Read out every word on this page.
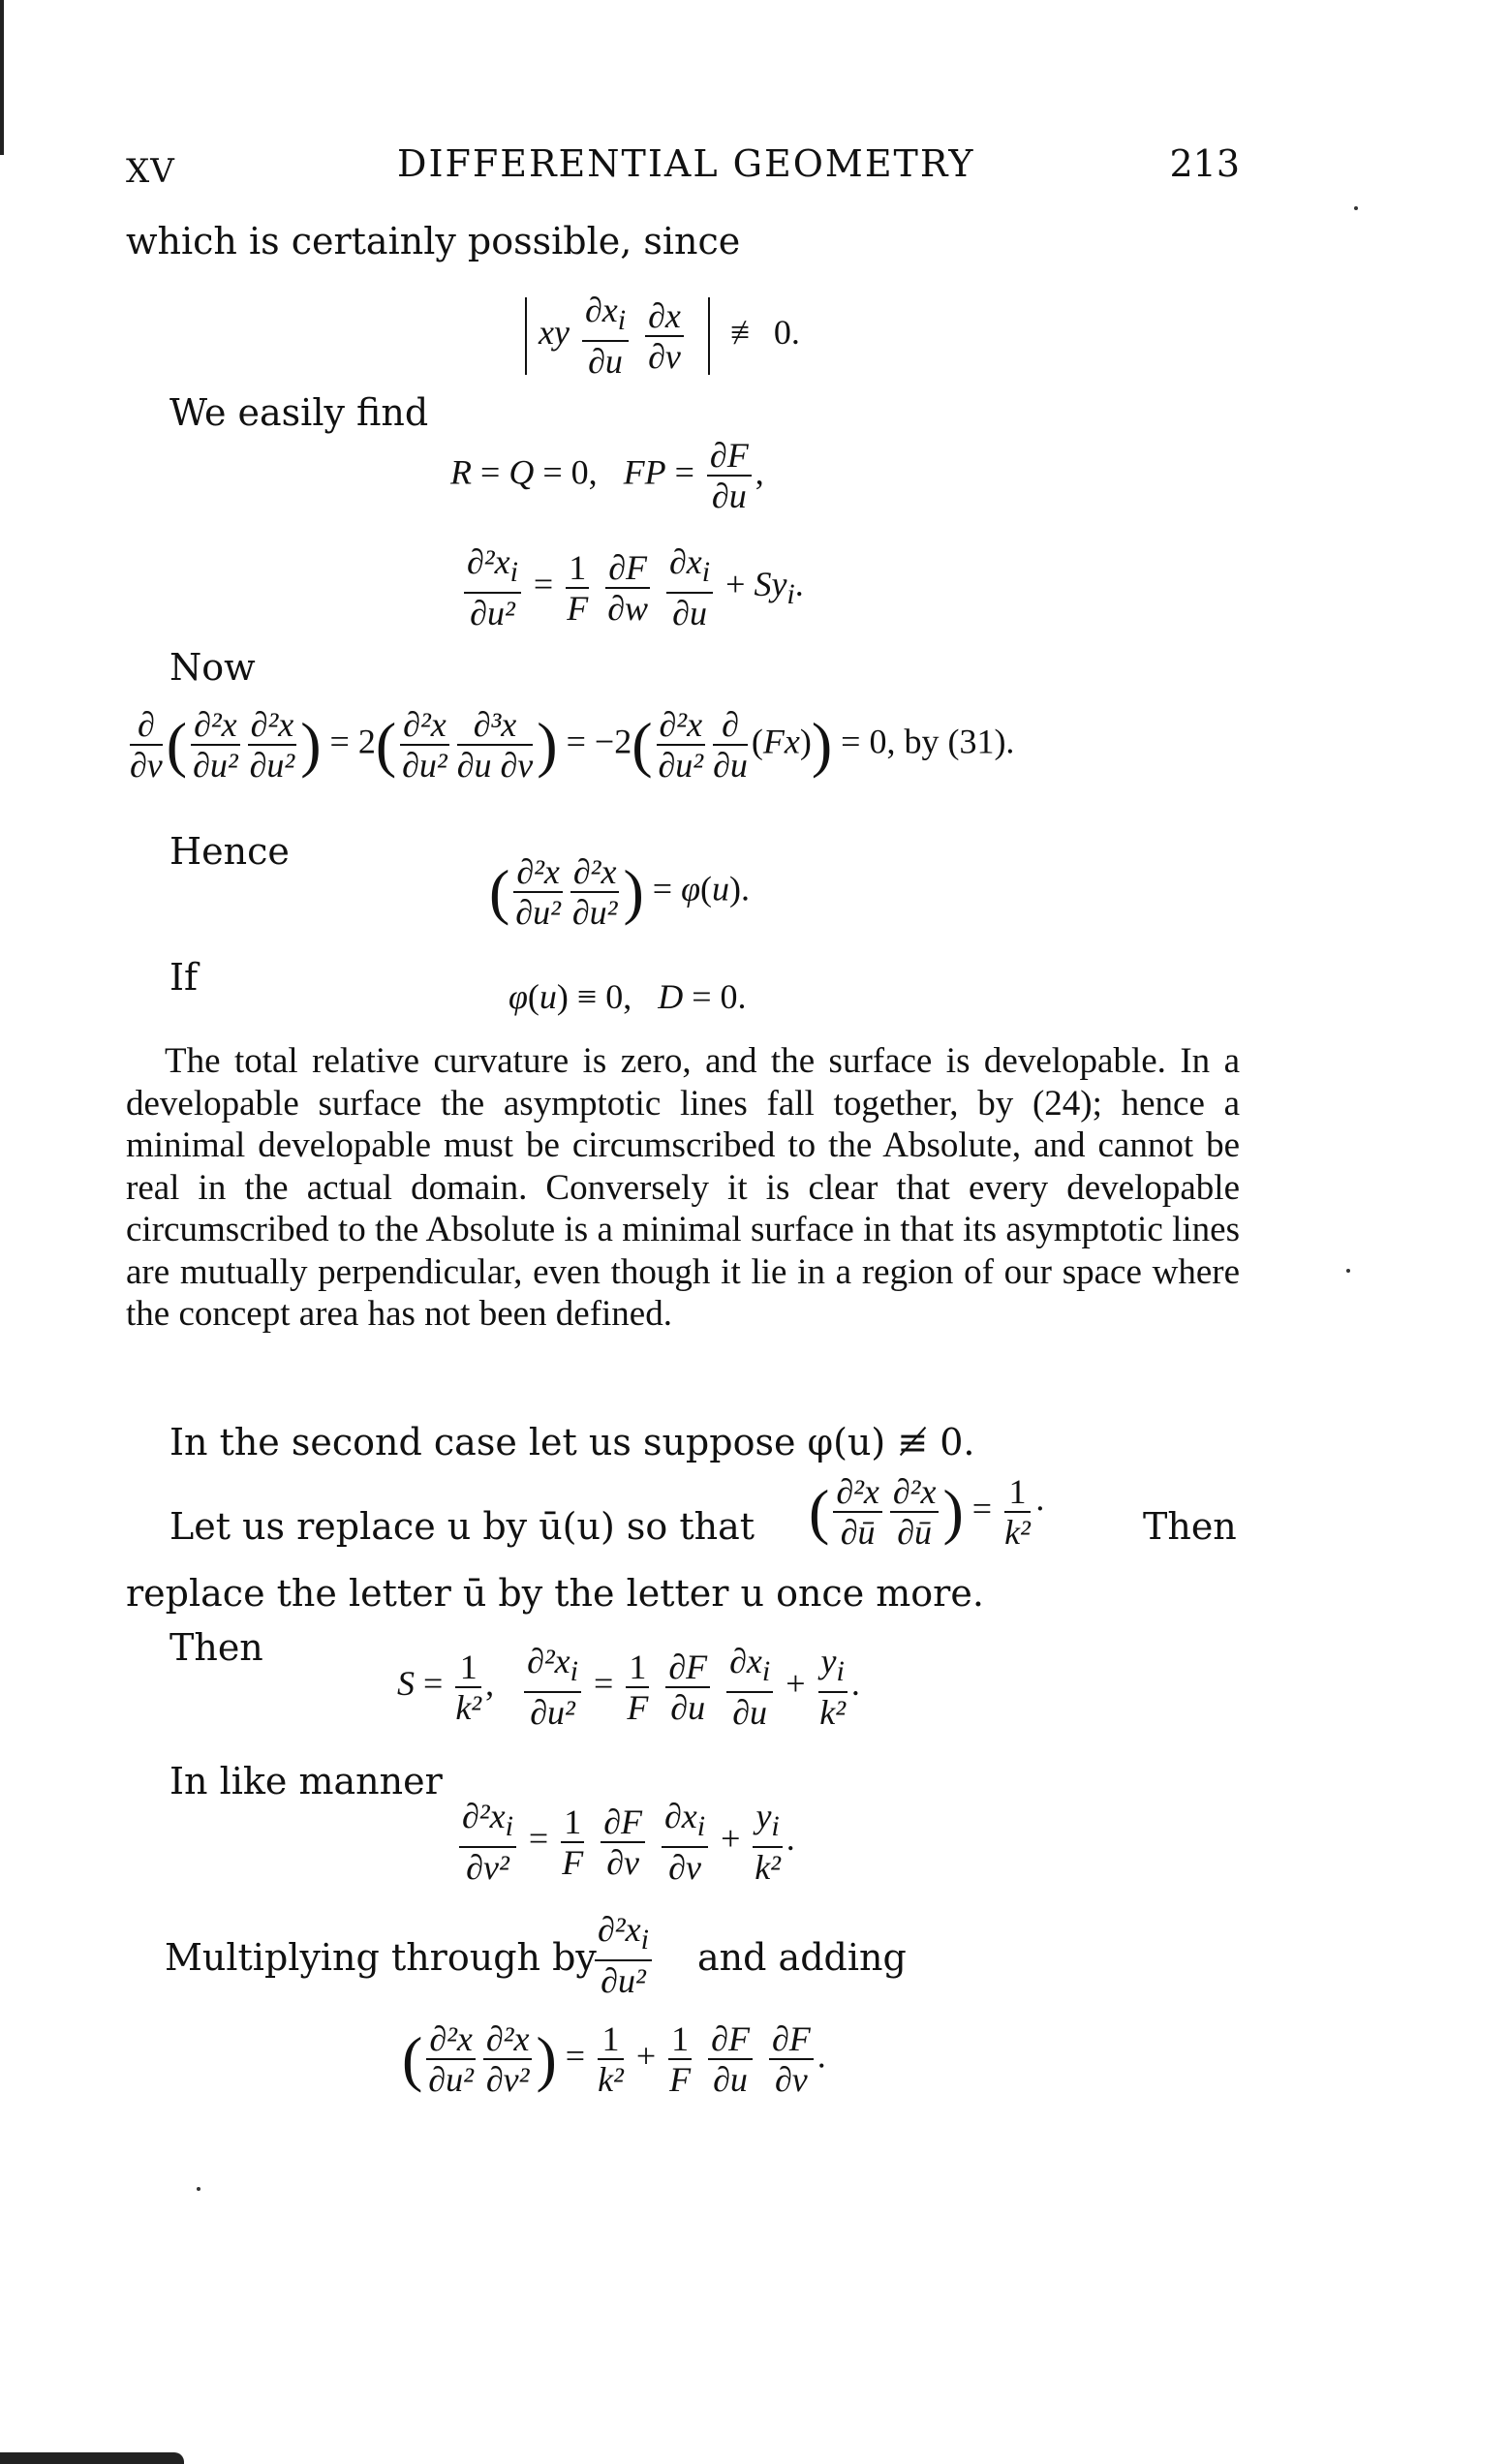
XV	DIFFERENTIAL GEOMETRY	213
which is certainly possible, since
xy $\frac{\partial x_i}{\partial u}$
$\frac{\partial x}{\partial v}$ ≢ 0.
We easily find
R = Q = 0,   FP = $\frac{\partial F}{\partial u}$ ,
$\frac{\partial^2x_i}{\text{∂u²}} = \frac{1}{F}$
$\frac{\partial F}{\partial w}$
$\frac{\partial x_i}{\partial u} + Sy_i$.
Now
$\frac{\partial}{\partial v}$ ( $\frac{\text{∂²x}}{\text{∂u²}} \frac{\text{∂²x}}{\text{∂u²}}$ ) = $2( \frac{\text{∂²x}}{\text{∂u²}} \frac{\text{∂³x}}{\partial u \partial v}$ ) = $-2( \frac{\text{∂²x}}{\text{∂u²}} \frac{\partial}{\partial u} (Fx)) = 0$, by (31).
Hence
( $\frac{\text{∂²x}}{\text{∂u²}} \frac{\text{∂²x}}{\text{∂u²}}$ ) = φ(u).
If	φ(u) ≡ 0,   D = 0.

The total relative curvature is zero, and the surface is developable. In a developable surface the asymptotic lines fall together, by (24); hence a minimal developable must be circumscribed to the Absolute, and cannot be real in the actual domain. Conversely it is clear that every developable circumscribed to the Absolute is a minimal surface in that its asymptotic lines are mutually perpendicular, even though it lie in a region of our space where the concept area has not been defined.

In the second case let us suppose φ(u) ≢ 0.
Let us replace u by ū(u) so that ( $\frac{\text{∂²x}}{\partial ū} \frac{\text{∂²x}}{\partial ū}$ ) = $\frac{1}{\text{k²}}$ ·	Then
replace the letter ū by the letter u once more.
Then
$S = \frac{1}{\text{k²}}$ , $\frac{\partial^2x_i}{\text{∂u²}} = \frac{1}{F}$
$\frac{\partial F}{\partial u}$
$\frac{\partial x_i}{\partial u} + \frac{y_i}{\text{k²}}$ .
In like manner
$\frac{\partial^2x_i}{\text{∂v²}} = \frac{1}{F}$
$\frac{\partial F}{\partial v}$
$\frac{\partial x_i}{\partial v} + \frac{y_i}{\text{k²}}$ .
Multiplying through by
$\frac{\partial^2x_i}{\text{∂u²}}$ and adding
( $\frac{\text{∂²x}}{\text{∂u²}} \frac{\text{∂²x}}{\text{∂v²}}$ ) = $\frac{1}{\text{k²}} + \frac{1}{F}$
$\frac{\partial F}{\partial u}$
$\frac{\partial F}{\partial v}$ .
